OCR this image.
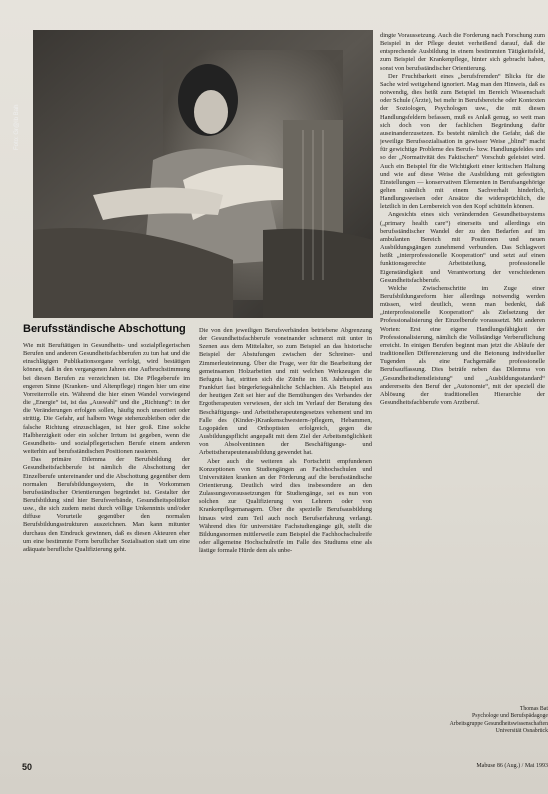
Foto: Gr@Ib Bah
Berufsständische Abschottung

Wie mit Beruftätigen in Gesundheits- und sozialpflegerischen Berufen und anderen Gesundheitsfachberufen zu tun hat und die einschlägigen Publikationsorgane verfolgt, wird bestätigen können, daß in den vergangenen Jahren eine Aufbruchstimmung bei diesen Berufen zu verzeichnen ist. Die Pflegeberufe im engeren Sinne (Kranken- und Altenpflege) ringen hier um eine Vorreiterrolle ein. Während die hier einen Wandel vorwiegend die „Energie“ ist, ist das „Auswahl“ und die „Richtung“: in der die Veränderungen erfolgen sollen, häufig noch unsortiert oder strittig. Die Gefahr, auf halbem Wege stehenzubleiben oder die falsche Richtung einzuschlagen, ist hier groß. Eine solche Halbherzigkeit oder ein solcher Irrtum ist gegeben, wenn die Gesundheits- und sozialpflegerischen Berufe einem anderen weiterhin auf berufsständischen Positionen rassieren.

Das primäre Dilemma der Berufsbildung der Gesundheitsfachberufe ist nämlich die Abschottung der Einzelberufe untereinander und die Abschottung gegenüber dem normalen Berufsbildungssystem, die in Vorkommen berufsständischer Orientierungen begründet ist. Gestalter der Berufsbildung sind hier Berufsverbände, Gesundheitspolitiker usw., die sich zudem meist durch völlige Unkenntnis und/oder diffuse Vorurteile gegenüber den normalen Berufsbildungsstrukturen auszeichnen. Man kann mitunter durchaus den Eindruck gewinnen, daß es diesen Akteuren eher um eine bestimmte Form beruflicher Sozialisation statt um eine adäquate berufliche Qualifizierung geht.

Die von den jeweiligen Berufsverbänden betriebene Abgrenzung der Gesundheitsfachberufe voneinander schmerzt mit unter in Szenen aus dem Mittelalter, so zum Beispiel an das historische Beispiel der Abstufungen zwischen der Schreiner- und Zimmerleuteinnung. Über die Frage, wer für die Bearbeitung der gemeinsamen Holzarbeiten und mit welchen Werkzeugen die Befugnis hat, stritten sich die Zünfte im 18. Jahrhundert in Frankfurt fast bürgerkriegsähnliche Schlachten. Als Beispiel aus der heutigen Zeit sei hier auf die Bemühungen des Verbandes der Ergotherapeuten verwiesen, der sich im Verlauf der Beratung des Beschäftigungs- und Arbeitstherapeutengesetzes vehement und im Falle des (Kinder-)Krankenschwestern-/pflegern, Hebammen, Logopäden und Orthoptisten erfolgreich, gegen die Ausbildungspflicht angepaßt mit dem Ziel der Arbeitsmöglichkeit von Absolventinnen der Beschäftigungs- und Arbeitstherapeutenausbildung gewendet hat.

Aber auch die weiteren als Fortschritt empfundenen Konzeptionen von Studiengängen an Fachhochschulen und Universitäten kranken an der Förderung auf die berufsständische Orientierung. Deutlich wird dies insbesondere an den Zulassungsvoraussetzungen für Studiengänge, sei es nun von solchen zur Qualifizierung von Lehrern oder von Krankenpflegemanagern. Über die spezielle Berufsausbildung hinaus wird zum Teil auch noch Berufserfahrung verlangt. Während dies für universitäre Fachstudiengänge gilt, stellt die Bildungsnormen mittlerweile zum Beispiel die Fachhochschulreife oder allgemeine Hochschulreife im Falle des Studiums eine als lästige formale Hürde dem als unbe-

dingte Voraussetzung. Auch die Forderung nach Forschung zum Beispiel in der Pflege deutet verheißend darauf, daß die entsprechende Ausbildung in einem bestimmten Tätigkeitsfeld, zum Beispiel der Krankenpflege, hinter sich gebracht haben, sonst von berufsständischer Orientierung.

Der Fruchtbarkeit eines „berufsfremden“ Blicks für die Sache wird weitgehend ignoriert. Mag man den Hinweis, daß es notwendig, dies heißt zum Beispiel im Bereich Wissenschaft oder Schule (Ärzte), bei mehr in Berufsbereiche oder Kontexten der Soziologen, Psychologen usw., die mit diesen Handlungsfeldern befassen, muß es Anlaß genug, so weit man sich doch von der fachlichen Begründung dafür auseinanderzusetzen. Es besteht nämlich die Gefahr, daß die jeweilige Berufssozialisation in gewisser Weise „blind“ macht für gewichtige Probleme des Berufs- bzw. Handlungsfeldes und so der „Normativität des Faktischen“ Vorschub geleistet wird. Auch ein Beispiel für die Wichtigkeit einer kritischen Haltung und wie auf diese Weise die Ausbildung mit gefestigten Einstellungen — konservativen Elementen in Berufsangehörige gelten nämlich mit einem Sachverhalt hinderlich, Handlungsweisen oder Ansätze die widersprüchlich, die letztlich in den Lernbereich von den Kopf schütteln können.

Angesichts eines sich verändernden Gesundheitssystems („primary health care“) einerseits und allerdings ein berufsständischer Wandel der zu den Bedarfen auf im ambulanten Bereich mit Positionen und neuen Ausbildungsgängen zunehmend verbunden. Das Schlagwort heißt „interprofessionelle Kooperation“ und setzt auf einen funktionsgerechte Arbeitsteilung, professionelle Eigenständigkeit und Verantwortung der verschiedenen Gesundheitsfachberufe.

Welche Zwischenschritte im Zuge einer Berufsbildungsreform hier allerdings notwendig werden müssen, wird deutlich, wenn man bedenkt, daß „interprofessionelle Kooperation“ als Zielsetzung der Professionalisierung der Einzelberufe voraussetzt. Mit anderen Worten: Erst eine eigene Handlungsfähigkeit der Professionalisierung, nämlich die Vollständige Verberuflichung erreicht. In einigen Berufen beginnt man jetzt die Abläufe der traditionellen Differenzierung und die Betonung individueller Tugenden als eine Fachgemäße professionelle Berufsauffassung. Dies beträfe neben das Dilemma von „Gesundheitsdienstleistung“ und „Ausbildungsstandard“ andererseits den Beruf der „Autonomie“, mit der speziell die Ablösung der traditionellen Hierarchie der Gesundheitsfachberufe vom Arztberuf.

Thomas Bat
Psychologe und Berufspädagoge
Arbeitsgruppe Gesundheitswissenschaften
Universität Osnabrück
50	Mabuse 86 (Aug.) / Mai 1993
